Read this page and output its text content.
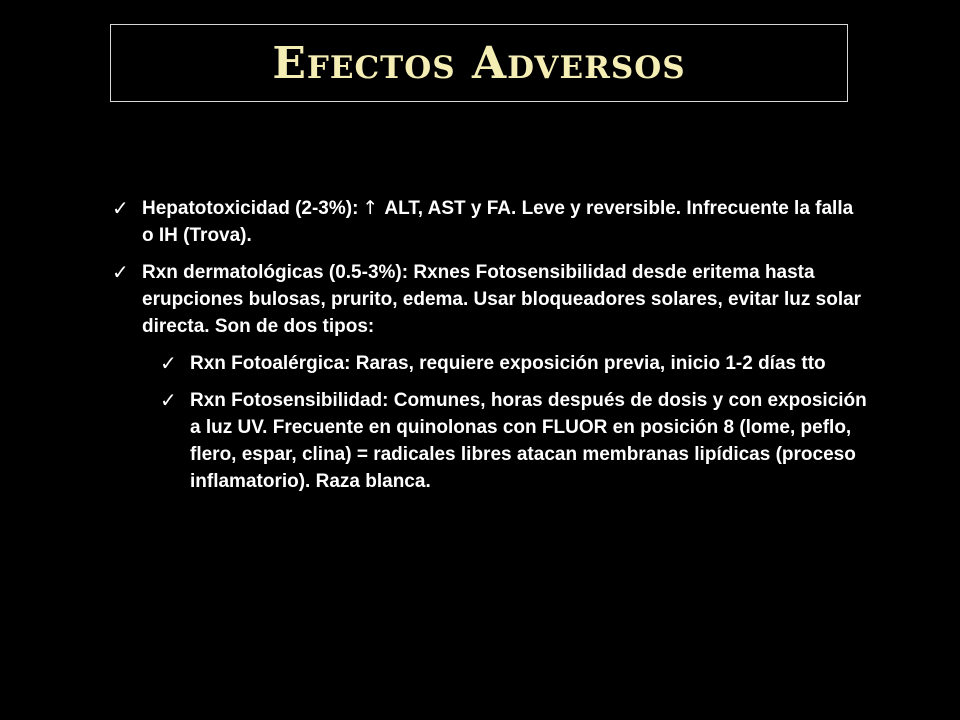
Efectos Adversos
✓ Hepatotoxicidad (2-3%): ↑ ALT, AST y FA. Leve y reversible. Infrecuente la falla o IH (Trova).
✓ Rxn dermatológicas (0.5-3%): Rxnes Fotosensibilidad desde eritema hasta erupciones bulosas, prurito, edema. Usar bloqueadores solares, evitar luz solar directa. Son de dos tipos:
✓ Rxn Fotoalérgica: Raras, requiere exposición previa, inicio 1-2 días tto
✓ Rxn Fotosensibilidad: Comunes, horas después de dosis y con exposición a luz UV. Frecuente en quinolonas con FLUOR en posición 8 (lome, peflo, flero, espar, clina) = radicales libres atacan membranas lipídicas (proceso inflamatorio). Raza blanca.
